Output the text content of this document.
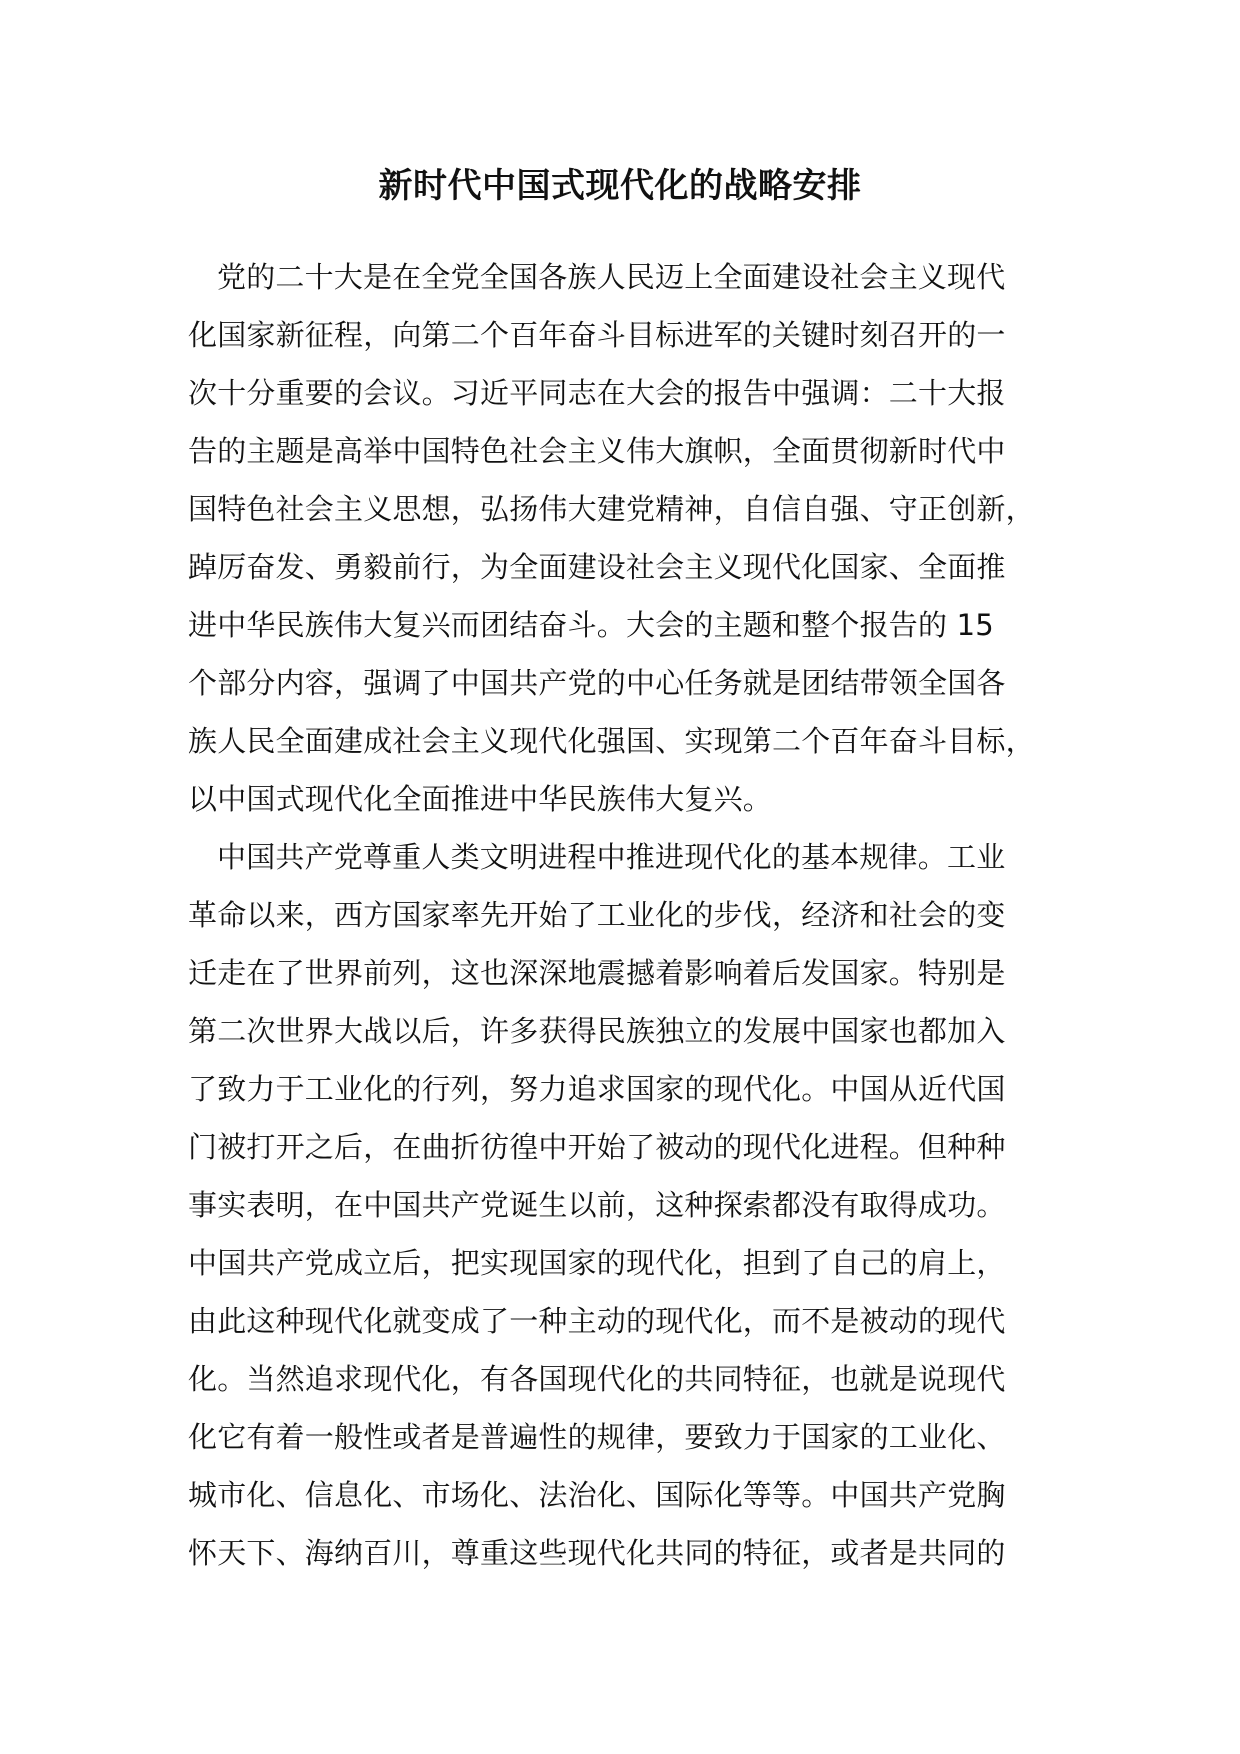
新时代中国式现代化的战略安排
党的二十大是在全党全国各族人民迈上全面建设社会主义现代
化国家新征程，向第二个百年奋斗目标进军的关键时刻召开的一
次十分重要的会议。习近平同志在大会的报告中强调：二十大报
告的主题是高举中国特色社会主义伟大旗帜，全面贯彻新时代中
国特色社会主义思想，弘扬伟大建党精神，自信自强、守正创新，
踔厉奋发、勇毅前行，为全面建设社会主义现代化国家、全面推
进中华民族伟大复兴而团结奋斗。大会的主题和整个报告的 15
个部分内容，强调了中国共产党的中心任务就是团结带领全国各
族人民全面建成社会主义现代化强国、实现第二个百年奋斗目标，
以中国式现代化全面推进中华民族伟大复兴。
中国共产党尊重人类文明进程中推进现代化的基本规律。工业
革命以来，西方国家率先开始了工业化的步伐，经济和社会的变
迁走在了世界前列，这也深深地震撼着影响着后发国家。特别是
第二次世界大战以后，许多获得民族独立的发展中国家也都加入
了致力于工业化的行列，努力追求国家的现代化。中国从近代国
门被打开之后，在曲折彷徨中开始了被动的现代化进程。但种种
事实表明，在中国共产党诞生以前，这种探索都没有取得成功。
中国共产党成立后，把实现国家的现代化，担到了自己的肩上，
由此这种现代化就变成了一种主动的现代化，而不是被动的现代
化。当然追求现代化，有各国现代化的共同特征，也就是说现代
化它有着一般性或者是普遍性的规律，要致力于国家的工业化、
城市化、信息化、市场化、法治化、国际化等等。中国共产党胸
怀天下、海纳百川，尊重这些现代化共同的特征，或者是共同的
